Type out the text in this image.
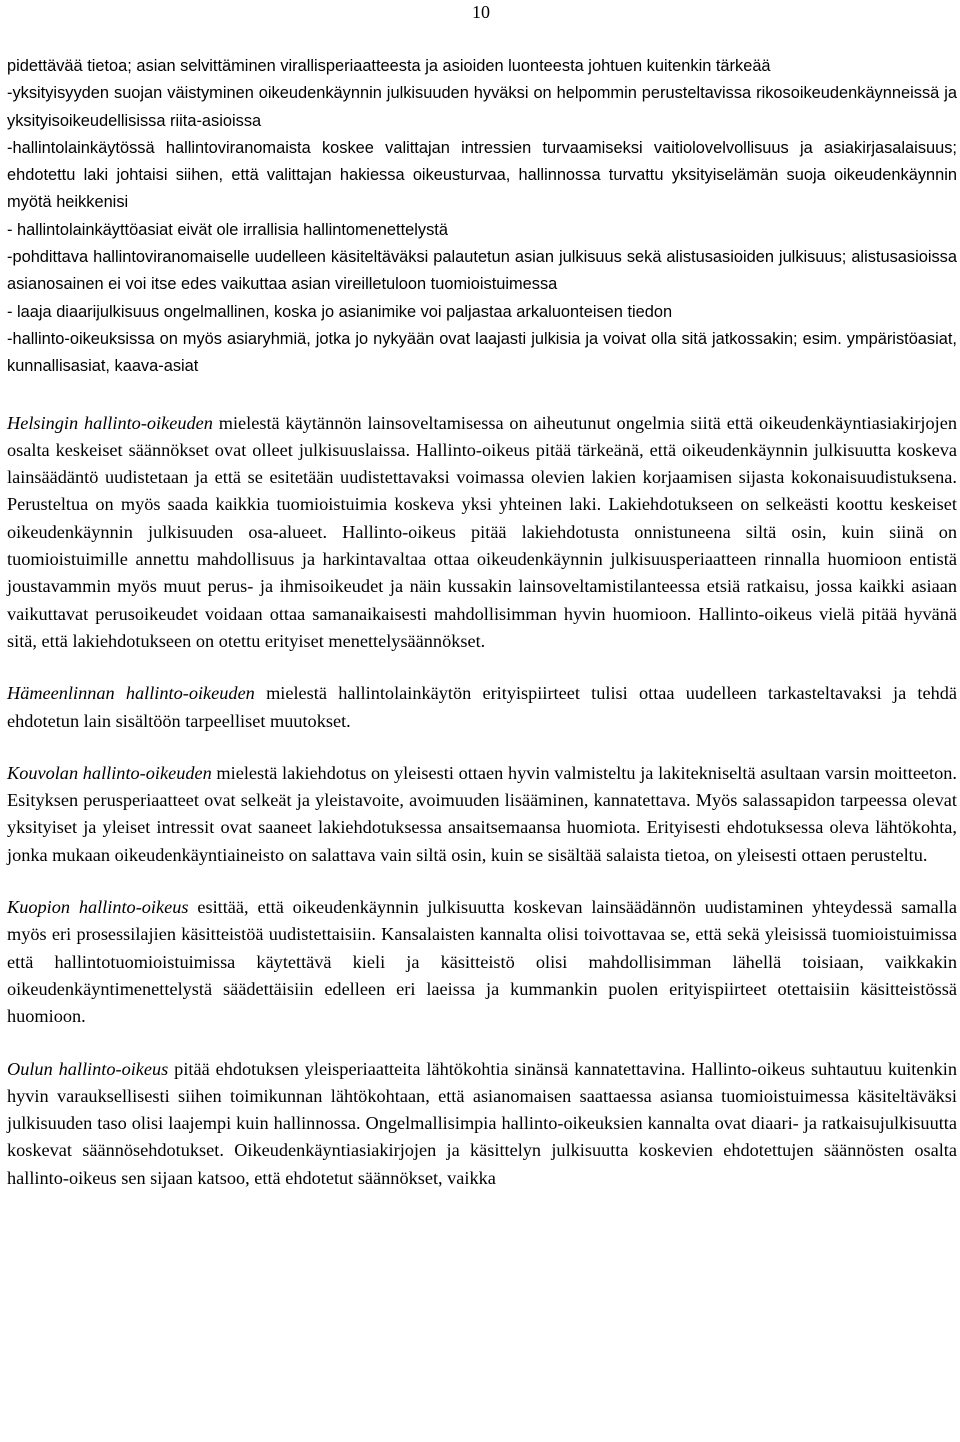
10

pidettävää tietoa; asian selvittäminen virallisperiaatteesta ja asioiden luonteesta johtuen kuitenkin tärkeää

-yksityisyyden suojan väistyminen oikeudenkäynnin julkisuuden hyväksi on helpommin perusteltavissa rikosoikeudenkäynneissä ja yksityisoikeudellisissa riita-asioissa

-hallintolainkäytössä hallintoviranomaista koskee valittajan intressien turvaamiseksi vaitiolovelvollisuus ja asiakirjasalaisuus; ehdotettu laki johtaisi siihen, että valittajan hakiessa oikeusturvaa, hallinnossa turvattu yksityiselämän suoja oikeudenkäynnin myötä heikkenisi

- hallintolainkäyttöasiat eivät ole irrallisia hallintomenettelystä

-pohdittava hallintoviranomaiselle uudelleen käsiteltäväksi palautetun asian julkisuus sekä alistusasioiden julkisuus; alistusasioissa asianosainen ei voi itse edes vaikuttaa asian vireilletuloon tuomioistuimessa

- laaja diaarijulkisuus ongelmallinen, koska jo asianimike voi paljastaa arkaluonteisen tiedon

-hallinto-oikeuksissa on myös asiaryhmiä, jotka jo nykyään ovat laajasti julkisia ja voivat olla sitä jatkossakin; esim. ympäristöasiat, kunnallisasiat, kaava-asiat

Helsingin hallinto-oikeuden mielestä käytännön lainsoveltamisessa on aiheutunut ongelmia siitä että oikeudenkäyntiasiakirjojen osalta keskeiset säännökset ovat olleet julkisuuslaissa. Hallinto-oikeus pitää tärkeänä, että oikeudenkäynnin julkisuutta koskeva lainsäädäntö uudistetaan ja että se esitetään uudistettavaksi voimassa olevien lakien korjaamisen sijasta kokonaisuudistuksena. Perusteltua on myös saada kaikkia tuomioistuimia koskeva yksi yhteinen laki. Lakiehdotukseen on selkeästi koottu keskeiset oikeudenkäynnin julkisuuden osa-alueet. Hallinto-oikeus pitää lakiehdotusta onnistuneena siltä osin, kuin siinä on tuomioistuimille annettu mahdollisuus ja harkintavaltaa ottaa oikeudenkäynnin julkisuusperiaatteen rinnalla huomioon entistä joustavammin myös muut perus- ja ihmisoikeudet ja näin kussakin lainsoveltamistilanteessa etsiä ratkaisu, jossa kaikki asiaan vaikuttavat perusoikeudet voidaan ottaa samanaikaisesti mahdollisimman hyvin huomioon. Hallinto-oikeus vielä pitää hyvänä sitä, että lakiehdotukseen on otettu erityiset menettelysäännökset.

Hämeenlinnan hallinto-oikeuden mielestä hallintolainkäytön erityispiirteet tulisi ottaa uudelleen tarkasteltavaksi ja tehdä ehdotetun lain sisältöön tarpeelliset muutokset.

Kouvolan hallinto-oikeuden mielestä lakiehdotus on yleisesti ottaen hyvin valmisteltu ja lakitekniseltä asultaan varsin moitteeton. Esityksen perusperiaatteet ovat selkeät ja yleistavoite, avoimuuden lisääminen, kannatettava. Myös salassapidon tarpeessa olevat yksityiset ja yleiset intressit ovat saaneet lakiehdotuksessa ansaitsemaansa huomiota. Erityisesti ehdotuksessa oleva lähtökohta, jonka mukaan oikeudenkäyntiaineisto on salattava vain siltä osin, kuin se sisältää salaista tietoa, on yleisesti ottaen perusteltu.

Kuopion hallinto-oikeus esittää, että oikeudenkäynnin julkisuutta koskevan lainsäädännön uudistaminen yhteydessä samalla myös eri prosessilajien käsitteistöä uudistettaisiin. Kansalaisten kannalta olisi toivottavaa se, että sekä yleisissä tuomioistuimissa että hallintotuomioistuimissa käytettävä kieli ja käsitteistö olisi mahdollisimman lähellä toisiaan, vaikkakin oikeudenkäyntimenettelystä säädettäisiin edelleen eri laeissa ja kummankin puolen erityispiirteet otettaisiin käsitteistössä huomioon.

Oulun hallinto-oikeus pitää ehdotuksen yleisperiaatteita lähtökohtia sinänsä kannatettavina. Hallinto-oikeus suhtautuu kuitenkin hyvin varauksellisesti siihen toimikunnan lähtökohtaan, että asianomaisen saattaessa asiansa tuomioistuimessa käsiteltäväksi julkisuuden taso olisi laajempi kuin hallinnossa. Ongelmallisimpia hallinto-oikeuksien kannalta ovat diaari- ja ratkaisujulkisuutta koskevat säännösehdotukset. Oikeudenkäyntiasiakirjojen ja käsittelyn julkisuutta koskevien ehdotettujen säännösten osalta hallinto-oikeus sen sijaan katsoo, että ehdotetut säännökset, vaikka
